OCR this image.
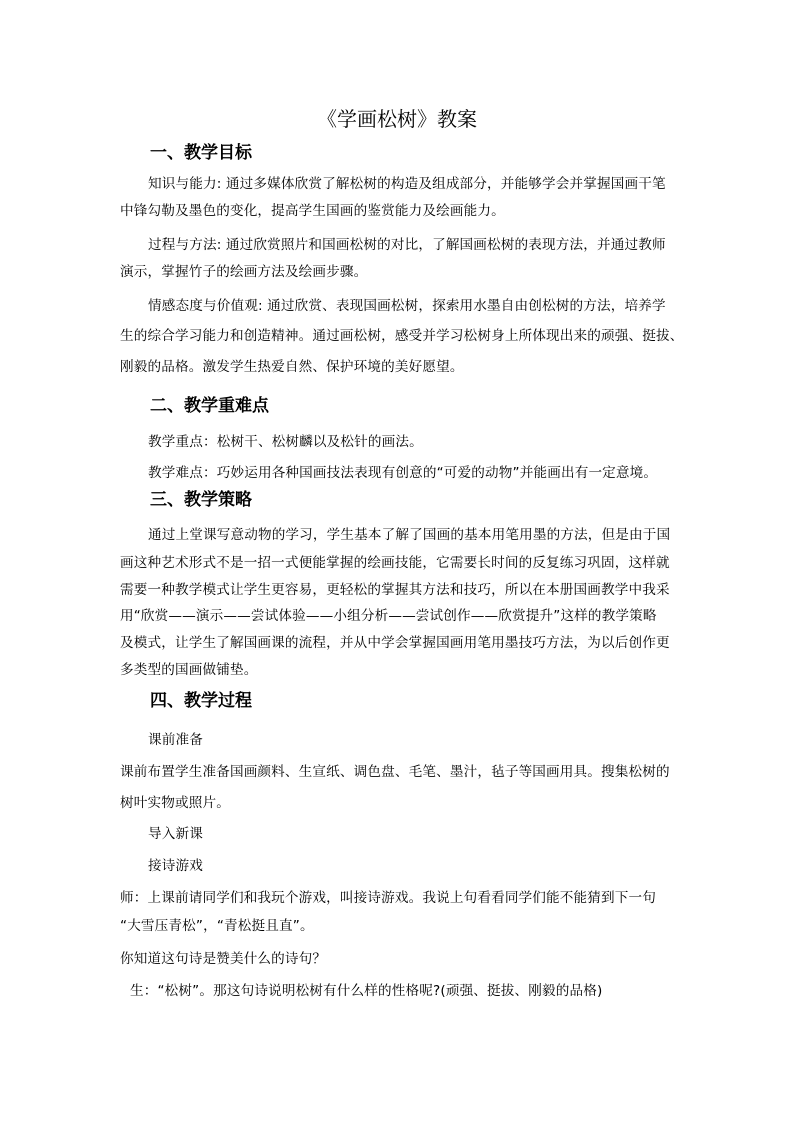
《学画松树》教案
一、教学目标
知识与能力: 通过多媒体欣赏了解松树的构造及组成部分，并能够学会并掌握国画干笔
中锋勾勒及墨色的变化，提高学生国画的鉴赏能力及绘画能力。
过程与方法: 通过欣赏照片和国画松树的对比，了解国画松树的表现方法，并通过教师
演示，掌握竹子的绘画方法及绘画步骤。
情感态度与价值观: 通过欣赏、表现国画松树，探索用水墨自由创松树的方法，培养学
生的综合学习能力和创造精神。通过画松树，感受并学习松树身上所体现出来的顽强、挺拔、
刚毅的品格。激发学生热爱自然、保护环境的美好愿望。
二、教学重难点
教学重点：松树干、松树麟以及松针的画法。
教学难点：巧妙运用各种国画技法表现有创意的“可爱的动物”并能画出有一定意境。
三、教学策略
通过上堂课写意动物的学习，学生基本了解了国画的基本用笔用墨的方法，但是由于国
画这种艺术形式不是一招一式便能掌握的绘画技能，它需要长时间的反复练习巩固，这样就
需要一种教学模式让学生更容易，更轻松的掌握其方法和技巧，所以在本册国画教学中我采
用“欣赏——演示——尝试体验——小组分析——尝试创作——欣赏提升”这样的教学策略
及模式，让学生了解国画课的流程，并从中学会掌握国画用笔用墨技巧方法，为以后创作更
多类型的国画做铺垫。
四、教学过程
课前准备
课前布置学生准备国画颜料、生宣纸、调色盘、毛笔、墨汁，毡子等国画用具。搜集松树的
树叶实物或照片。
导入新课
接诗游戏
师：上课前请同学们和我玩个游戏，叫接诗游戏。我说上句看看同学们能不能猜到下一句
“大雪压青松”，“青松挺且直”。
你知道这句诗是赞美什么的诗句？
生：“松树”。那这句诗说明松树有什么样的性格呢?(顽强、挺拔、刚毅的品格)
